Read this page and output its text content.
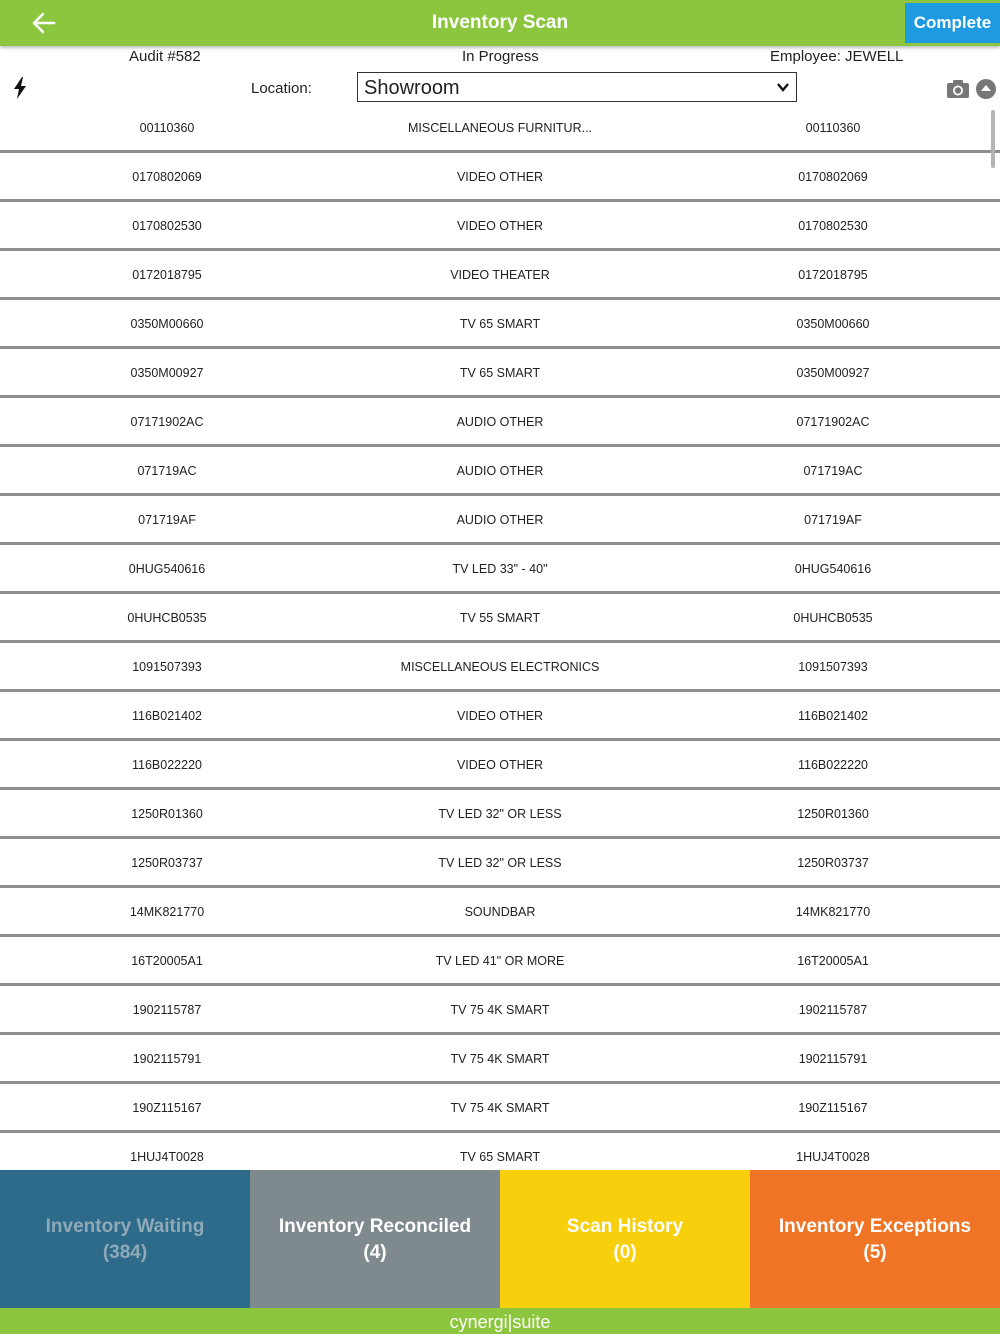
Inventory Scan	Complete
Audit #582	In Progress	Employee: JEWELL
Location:	Showroom
00110360	MISCELLANEOUS FURNITUR...	00110360
0170802069	VIDEO OTHER	0170802069
0170802530	VIDEO OTHER	0170802530
0172018795	VIDEO THEATER	0172018795
0350M00660	TV 65 SMART	0350M00660
0350M00927	TV 65 SMART	0350M00927
07171902AC	AUDIO OTHER	07171902AC
071719AC	AUDIO OTHER	071719AC
071719AF	AUDIO OTHER	071719AF
0HUG540616	TV LED 33" - 40"	0HUG540616
0HUHCB0535	TV 55 SMART	0HUHCB0535
1091507393	MISCELLANEOUS ELECTRONICS	1091507393
116B021402	VIDEO OTHER	116B021402
116B022220	VIDEO OTHER	116B022220
1250R01360	TV LED 32" OR LESS	1250R01360
1250R03737	TV LED 32" OR LESS	1250R03737
14MK821770	SOUNDBAR	14MK821770
16T20005A1	TV LED 41" OR MORE	16T20005A1
1902115787	TV 75 4K SMART	1902115787
1902115791	TV 75 4K SMART	1902115791
190Z115167	TV 75 4K SMART	190Z115167
1HUJ4T0028	TV 65 SMART	1HUJ4T0028
Inventory Waiting
(384)
Inventory Reconciled
(4)
Scan History
(0)
Inventory Exceptions
(5)
cynergi|suite
